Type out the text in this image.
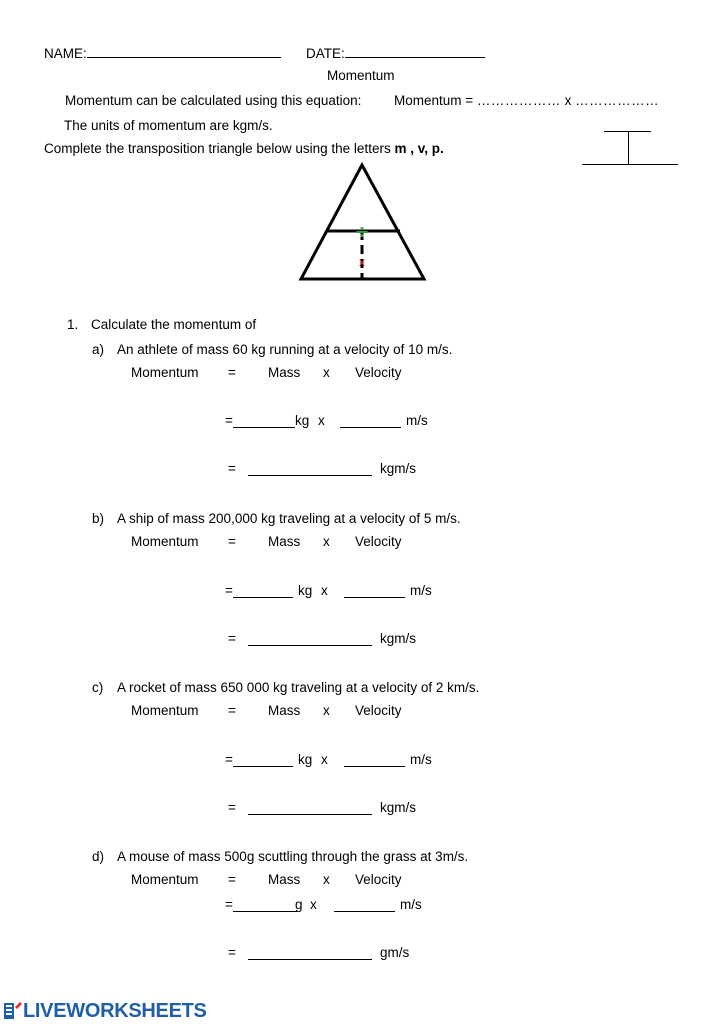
NAME:	DATE:
Momentum
Momentum can be calculated using this equation: Momentum = ……………… x ………………
The units of momentum are kgm/s.
Complete the transposition triangle below using the letters m , v, p.
÷
x
1. Calculate the momentum of
a) An athlete of mass 60 kg running at a velocity of 10 m/s.
Momentum = Mass x Velocity
=	kg x	m/s
=	kgm/s
b) A ship of mass 200,000 kg traveling at a velocity of 5 m/s.
Momentum = Mass x Velocity
=	kg x	m/s
=	kgm/s
c) A rocket of mass 650 000 kg traveling at a velocity of 2 km/s.
Momentum = Mass x Velocity
=	kg x	m/s
=	kgm/s
d) A mouse of mass 500g scuttling through the grass at 3m/s.
Momentum = Mass x Velocity
=	g x	m/s
=	gm/s
LIVEWORKSHEETS
